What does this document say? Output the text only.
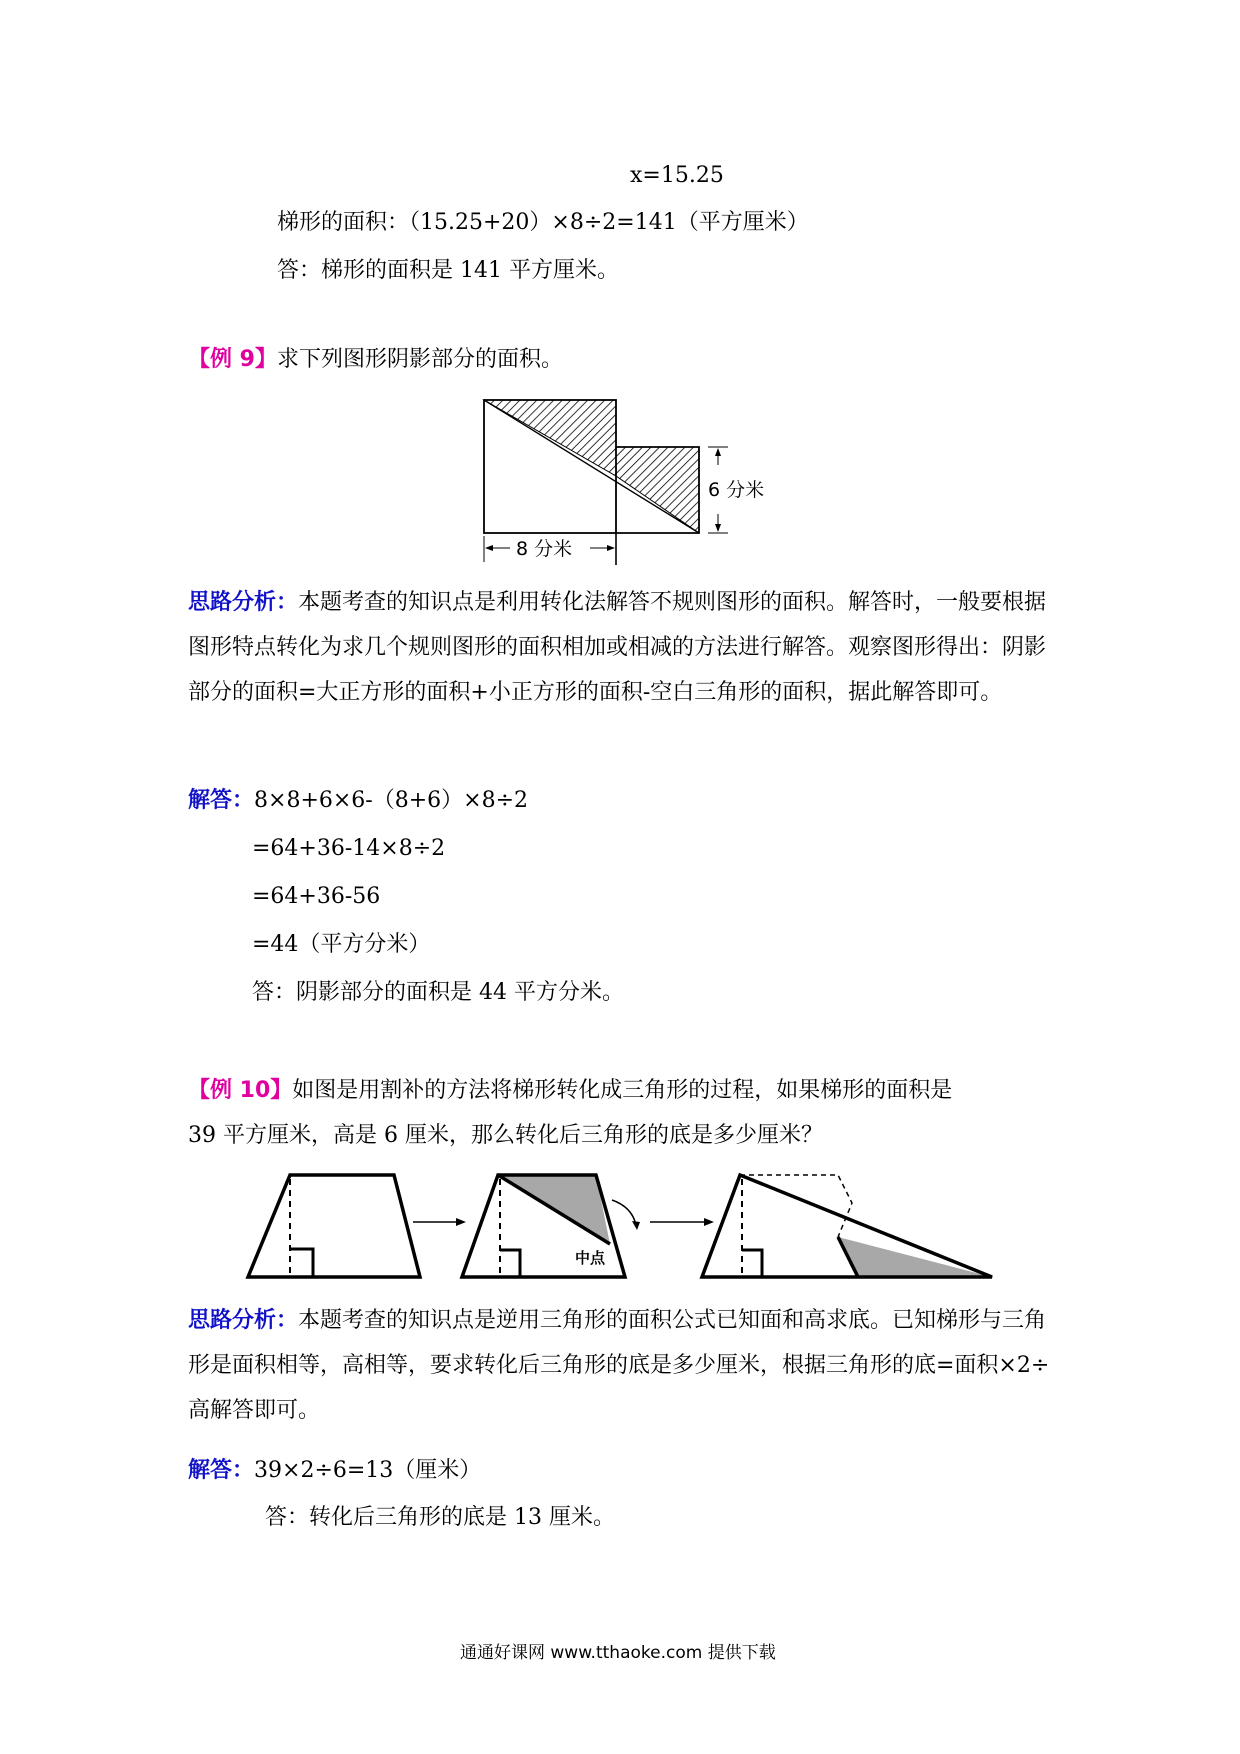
x=15.25
梯形的面积：（15.25+20）×8÷2=141（平方厘米）
答：梯形的面积是 141 平方厘米。
【例 9】求下列图形阴影部分的面积。
6 分米
8 分米
思路分析：本题考查的知识点是利用转化法解答不规则图形的面积。解答时，一般要根据图形特点转化为求几个规则图形的面积相加或相减的方法进行解答。观察图形得出：阴影部分的面积=大正方形的面积+小正方形的面积-空白三角形的面积，据此解答即可。
解答：8×8+6×6-（8+6）×8÷2
=64+36-14×8÷2
=64+36-56
=44（平方分米）
答：阴影部分的面积是 44 平方分米。
【例 10】如图是用割补的方法将梯形转化成三角形的过程，如果梯形的面积是
39 平方厘米，高是 6 厘米，那么转化后三角形的底是多少厘米？
中点
思路分析：本题考查的知识点是逆用三角形的面积公式已知面和高求底。已知梯形与三角形是面积相等，高相等，要求转化后三角形的底是多少厘米，根据三角形的底=面积×2÷高解答即可。
解答：39×2÷6=13（厘米）
答：转化后三角形的底是 13 厘米。
通通好课网 www.tthaoke.com 提供下载
